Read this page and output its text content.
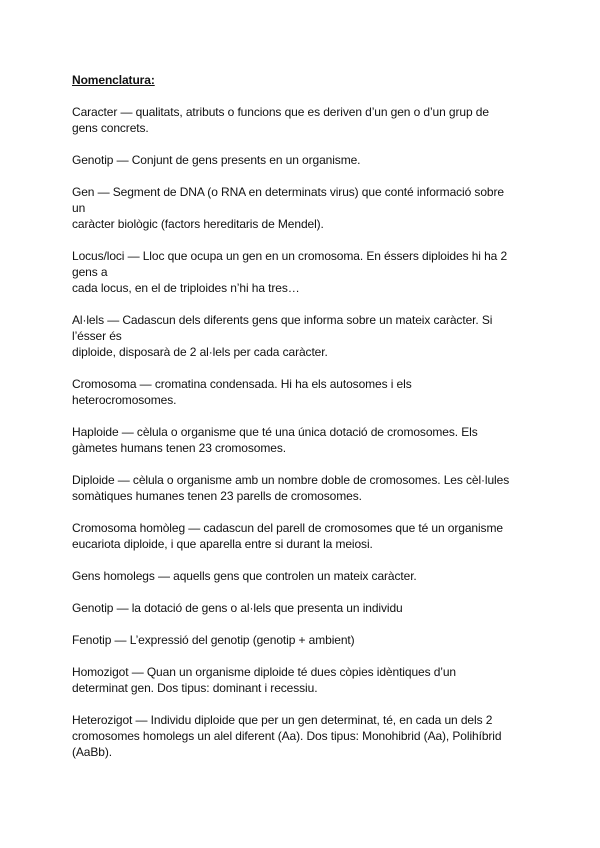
Nomenclatura:
Caracter — qualitats, atributs o funcions que es deriven d’un gen o d’un grup de
gens concrets.
Genotip — Conjunt de gens presents en un organisme.
Gen — Segment de DNA (o RNA en determinats virus) que conté informació sobre
un
caràcter biològic (factors hereditaris de Mendel).
Locus/loci — Lloc que ocupa un gen en un cromosoma. En éssers diploides hi ha 2
gens a
cada locus, en el de triploides n’hi ha tres…
Al·lels — Cadascun dels diferents gens que informa sobre un mateix caràcter. Si
l’ésser és
diploide, disposarà de 2 al·lels per cada caràcter.
Cromosoma — cromatina condensada. Hi ha els autosomes i els
heterocromosomes.
Haploide — cèlula o organisme que té una única dotació de cromosomes. Els
gàmetes humans tenen 23 cromosomes.
Diploide — cèlula o organisme amb un nombre doble de cromosomes. Les cèl·lules
somàtiques humanes tenen 23 parells de cromosomes.
Cromosoma homòleg — cadascun del parell de cromosomes que té un organisme
eucariota diploide, i que aparella entre si durant la meiosi.
Gens homolegs — aquells gens que controlen un mateix caràcter.
Genotip — la dotació de gens o al·lels que presenta un individu
Fenotip — L’expressió del genotip (genotip + ambient)
Homozigot — Quan un organisme diploide té dues còpies idèntiques d’un
determinat gen. Dos tipus: dominant i recessiu.
Heterozigot — Individu diploide que per un gen determinat, té, en cada un dels 2
cromosomes homolegs un alel diferent (Aa). Dos tipus: Monohibrid (Aa), Polihíbrid
(AaBb).
